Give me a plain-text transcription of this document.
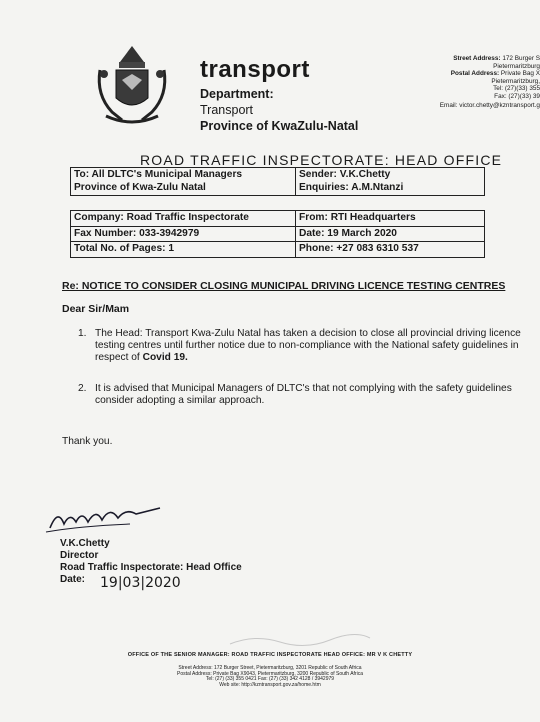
transport
Department:
Transport
Province of KwaZulu-Natal
Street Address: 172 Burger S
Pietermaritzburg
Postal Address: Private Bag X
Pietermaritzburg,
Tel: (27)(33) 355
Fax: (27)(33) 39
Email: victor.chetty@kzntransport.g
ROAD TRAFFIC INSPECTORATE: HEAD OFFICE
To: All DLTC's Municipal Managers
Province of Kwa-Zulu Natal

Sender: V.K.Chetty
Enquiries: A.M.Ntanzi
Company: Road Traffic Inspectorate	From: RTI Headquarters
Fax Number: 033-3942979	Date: 19 March 2020
Total No. of Pages: 1	Phone: +27 083 6310 537
Re: NOTICE TO CONSIDER CLOSING MUNICIPAL DRIVING LICENCE TESTING CENTRES
Dear Sir/Mam
1. The Head: Transport Kwa-Zulu Natal has taken a decision to close all provincial driving licence testing centres until further notice due to non-compliance with the National safety guidelines in respect of Covid 19.
2. It is advised that Municipal Managers of DLTC's that not complying with the safety guidelines consider adopting a similar approach.
Thank you.
V.K.Chetty
Director
Road Traffic Inspectorate: Head Office
Date:	19|03|2020
OFFICE OF THE SENIOR MANAGER: ROAD TRAFFIC INSPECTORATE HEAD OFFICE: MR V K CHETTY
Street Address: 172 Burger Street, Pietermaritzburg, 3201 Republic of South Africa
Postal Address: Private Bag X9043, Pietermaritzburg, 3200 Republic of South Africa
Tel: (27) (33) 355 0421 Fax: (27) (33) 342 4128 / 3942979
Web site: http://kzntransport.gov.za/home.htm
